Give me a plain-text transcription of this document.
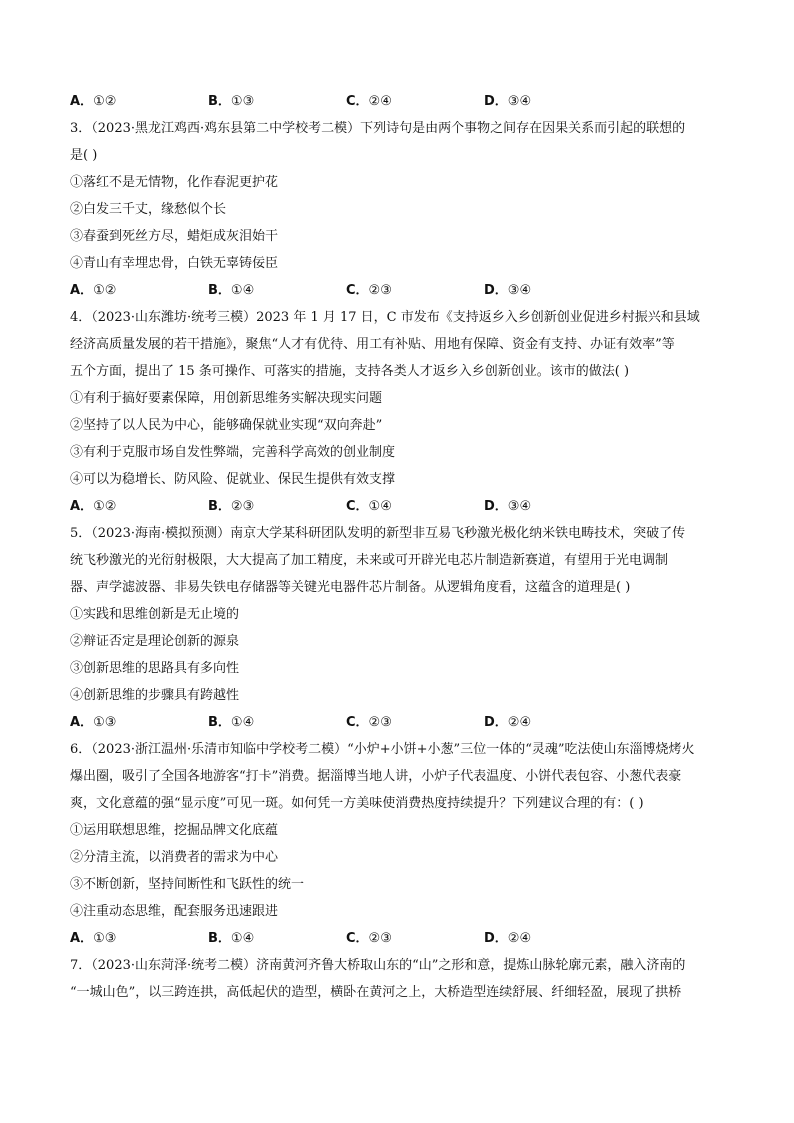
A．①②	B．①③	C．②④	D．③④
3．（2023·黑龙江鸡西·鸡东县第二中学校考二模）下列诗句是由两个事物之间存在因果关系而引起的联想的
是( )
①落红不是无情物，化作春泥更护花
②白发三千丈，缘愁似个长
③春蚕到死丝方尽，蜡炬成灰泪始干
④青山有幸埋忠骨，白铁无辜铸佞臣
A．①②	B．①④	C．②③	D．③④
4．（2023·山东潍坊·统考三模）2023 年 1 月 17 日，C 市发布《支持返乡入乡创新创业促进乡村振兴和县域
经济高质量发展的若干措施》，聚焦“人才有优待、用工有补贴、用地有保障、资金有支持、办证有效率”等
五个方面，提出了 15 条可操作、可落实的措施，支持各类人才返乡入乡创新创业。该市的做法( )
①有利于搞好要素保障，用创新思维务实解决现实问题
②坚持了以人民为中心，能够确保就业实现“双向奔赴”
③有利于克服市场自发性弊端，完善科学高效的创业制度
④可以为稳增长、防风险、促就业、保民生提供有效支撑
A．①②	B．②③	C．①④	D．③④
5．（2023·海南·模拟预测）南京大学某科研团队发明的新型非互易飞秒激光极化纳米铁电畴技术，突破了传
统飞秒激光的光衍射极限，大大提高了加工精度，未来或可开辟光电芯片制造新赛道，有望用于光电调制
器、声学滤波器、非易失铁电存储器等关键光电器件芯片制备。从逻辑角度看，这蕴含的道理是( )
①实践和思维创新是无止境的
②辩证否定是理论创新的源泉
③创新思维的思路具有多向性
④创新思维的步骤具有跨越性
A．①③	B．①④	C．②③	D．②④
6．（2023·浙江温州·乐清市知临中学校考二模）“小炉+小饼+小葱”三位一体的“灵魂”吃法使山东淄博烧烤火
爆出圈，吸引了全国各地游客“打卡”消费。据淄博当地人讲，小炉子代表温度、小饼代表包容、小葱代表豪
爽，文化意蕴的强“显示度”可见一斑。如何凭一方美味使消费热度持续提升？下列建议合理的有：( )
①运用联想思维，挖掘品牌文化底蕴
②分清主流，以消费者的需求为中心
③不断创新，坚持间断性和飞跃性的统一
④注重动态思维，配套服务迅速跟进
A．①③	B．①④	C．②③	D．②④
7．（2023·山东菏泽·统考二模）济南黄河齐鲁大桥取山东的“山”之形和意，提炼山脉轮廓元素，融入济南的
“一城山色”，以三跨连拱，高低起伏的造型，横卧在黄河之上，大桥造型连续舒展、纤细轻盈，展现了拱桥
